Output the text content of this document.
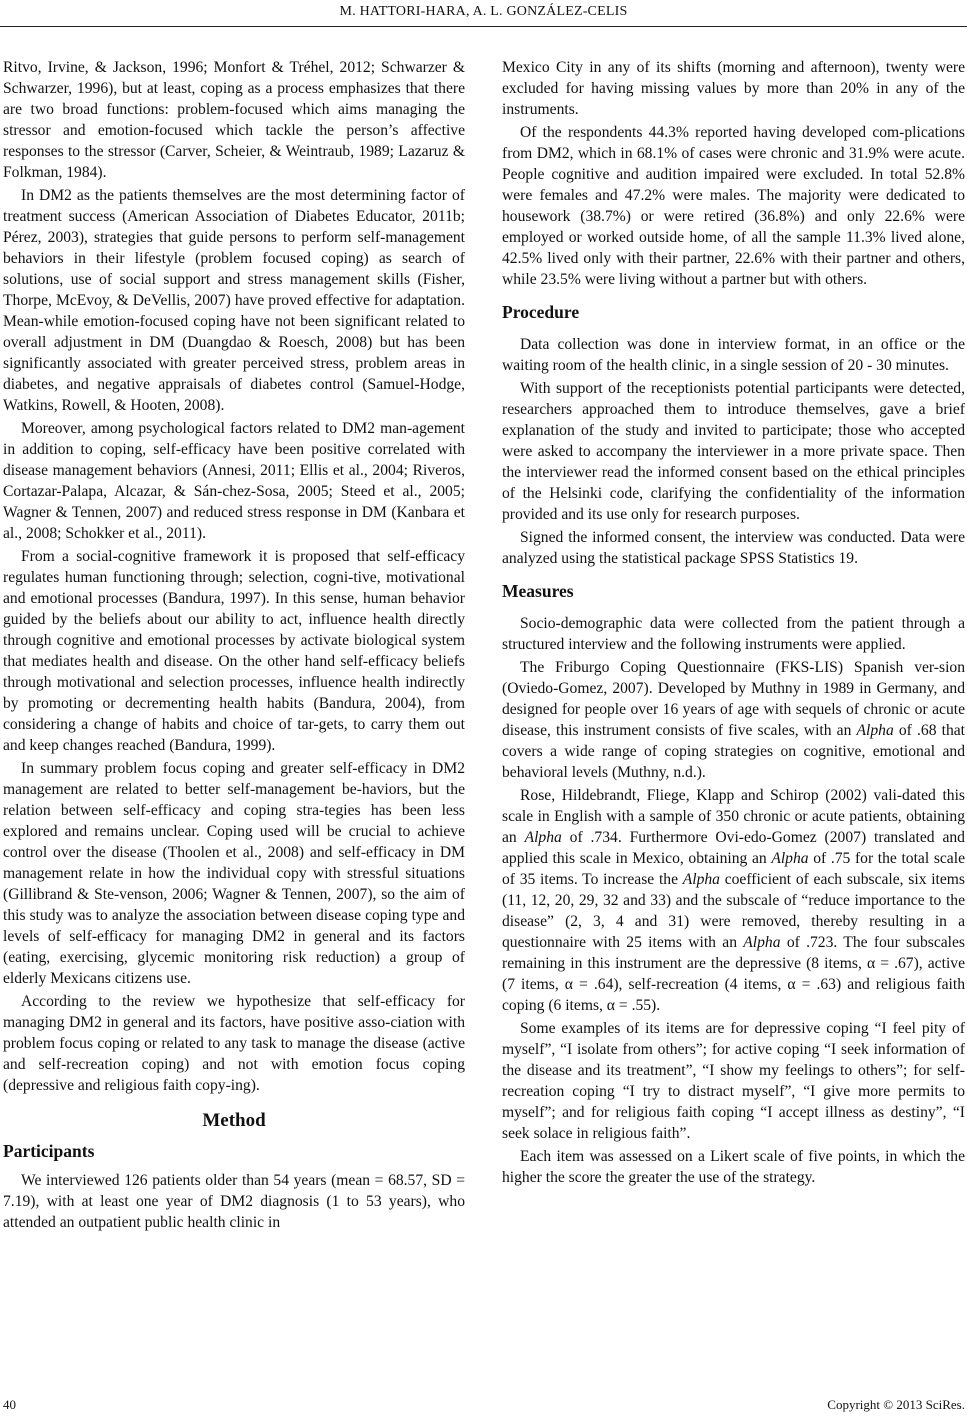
M. HATTORI-HARA, A. L. GONZÁLEZ-CELIS

Ritvo, Irvine, & Jackson, 1996; Monfort & Tréhel, 2012; Schwarzer & Schwarzer, 1996), but at least, coping as a process emphasizes that there are two broad functions: problem-focused which aims managing the stressor and emotion-focused which tackle the person’s affective responses to the stressor (Carver, Scheier, & Weintraub, 1989; Lazaruz & Folkman, 1984).

In DM2 as the patients themselves are the most determining factor of treatment success (American Association of Diabetes Educator, 2011b; Pérez, 2003), strategies that guide persons to perform self-management behaviors in their lifestyle (problem focused coping) as search of solutions, use of social support and stress management skills (Fisher, Thorpe, McEvoy, & DeVellis, 2007) have proved effective for adaptation. Mean-while emotion-focused coping have not been significant related to overall adjustment in DM (Duangdao & Roesch, 2008) but has been significantly associated with greater perceived stress, problem areas in diabetes, and negative appraisals of diabetes control (Samuel-Hodge, Watkins, Rowell, & Hooten, 2008).

Moreover, among psychological factors related to DM2 man-agement in addition to coping, self-efficacy have been positive correlated with disease management behaviors (Annesi, 2011; Ellis et al., 2004; Riveros, Cortazar-Palapa, Alcazar, & Sán-chez-Sosa, 2005; Steed et al., 2005; Wagner & Tennen, 2007) and reduced stress response in DM (Kanbara et al., 2008; Schokker et al., 2011).

From a social-cognitive framework it is proposed that self-efficacy regulates human functioning through; selection, cogni-tive, motivational and emotional processes (Bandura, 1997). In this sense, human behavior guided by the beliefs about our ability to act, influence health directly through cognitive and emotional processes by activate biological system that mediates health and disease. On the other hand self-efficacy beliefs through motivational and selection processes, influence health indirectly by promoting or decrementing health habits (Bandura, 2004), from considering a change of habits and choice of tar-gets, to carry them out and keep changes reached (Bandura, 1999).

In summary problem focus coping and greater self-efficacy in DM2 management are related to better self-management be-haviors, but the relation between self-efficacy and coping stra-tegies has been less explored and remains unclear. Coping used will be crucial to achieve control over the disease (Thoolen et al., 2008) and self-efficacy in DM management relate in how the individual copy with stressful situations (Gillibrand & Ste-venson, 2006; Wagner & Tennen, 2007), so the aim of this study was to analyze the association between disease coping type and levels of self-efficacy for managing DM2 in general and its factors (eating, exercising, glycemic monitoring risk reduction) a group of elderly Mexicans citizens use.

According to the review we hypothesize that self-efficacy for managing DM2 in general and its factors, have positive asso-ciation with problem focus coping or related to any task to manage the disease (active and self-recreation coping) and not with emotion focus coping (depressive and religious faith copy-ing).

Method
Participants

We interviewed 126 patients older than 54 years (mean = 68.57, SD = 7.19), with at least one year of DM2 diagnosis (1 to 53 years), who attended an outpatient public health clinic in

Mexico City in any of its shifts (morning and afternoon), twenty were excluded for having missing values by more than 20% in any of the instruments.

Of the respondents 44.3% reported having developed com-plications from DM2, which in 68.1% of cases were chronic and 31.9% were acute. People cognitive and audition impaired were excluded. In total 52.8% were females and 47.2% were males. The majority were dedicated to housework (38.7%) or were retired (36.8%) and only 22.6% were employed or worked outside home, of all the sample 11.3% lived alone, 42.5% lived only with their partner, 22.6% with their partner and others, while 23.5% were living without a partner but with others.

Procedure

Data collection was done in interview format, in an office or the waiting room of the health clinic, in a single session of 20 - 30 minutes.

With support of the receptionists potential participants were detected, researchers approached them to introduce themselves, gave a brief explanation of the study and invited to participate; those who accepted were asked to accompany the interviewer in a more private space. Then the interviewer read the informed consent based on the ethical principles of the Helsinki code, clarifying the confidentiality of the information provided and its use only for research purposes.

Signed the informed consent, the interview was conducted. Data were analyzed using the statistical package SPSS Statistics 19.

Measures

Socio-demographic data were collected from the patient through a structured interview and the following instruments were applied.

The Friburgo Coping Questionnaire (FKS-LIS) Spanish ver-sion (Oviedo-Gomez, 2007). Developed by Muthny in 1989 in Germany, and designed for people over 16 years of age with sequels of chronic or acute disease, this instrument consists of five scales, with an Alpha of .68 that covers a wide range of coping strategies on cognitive, emotional and behavioral levels (Muthny, n.d.).

Rose, Hildebrandt, Fliege, Klapp and Schirop (2002) vali-dated this scale in English with a sample of 350 chronic or acute patients, obtaining an Alpha of .734. Furthermore Ovi-edo-Gomez (2007) translated and applied this scale in Mexico, obtaining an Alpha of .75 for the total scale of 35 items. To increase the Alpha coefficient of each subscale, six items (11, 12, 20, 29, 32 and 33) and the subscale of “reduce importance to the disease” (2, 3, 4 and 31) were removed, thereby resulting in a questionnaire with 25 items with an Alpha of .723. The four subscales remaining in this instrument are the depressive (8 items, α = .67), active (7 items, α = .64), self-recreation (4 items, α = .63) and religious faith coping (6 items, α = .55).

Some examples of its items are for depressive coping “I feel pity of myself”, “I isolate from others”; for active coping “I seek information of the disease and its treatment”, “I show my feelings to others”; for self-recreation coping “I try to distract myself”, “I give more permits to myself”; and for religious faith coping “I accept illness as destiny”, “I seek solace in religious faith”.

Each item was assessed on a Likert scale of five points, in which the higher the score the greater the use of the strategy.

40	Copyright © 2013 SciRes.
